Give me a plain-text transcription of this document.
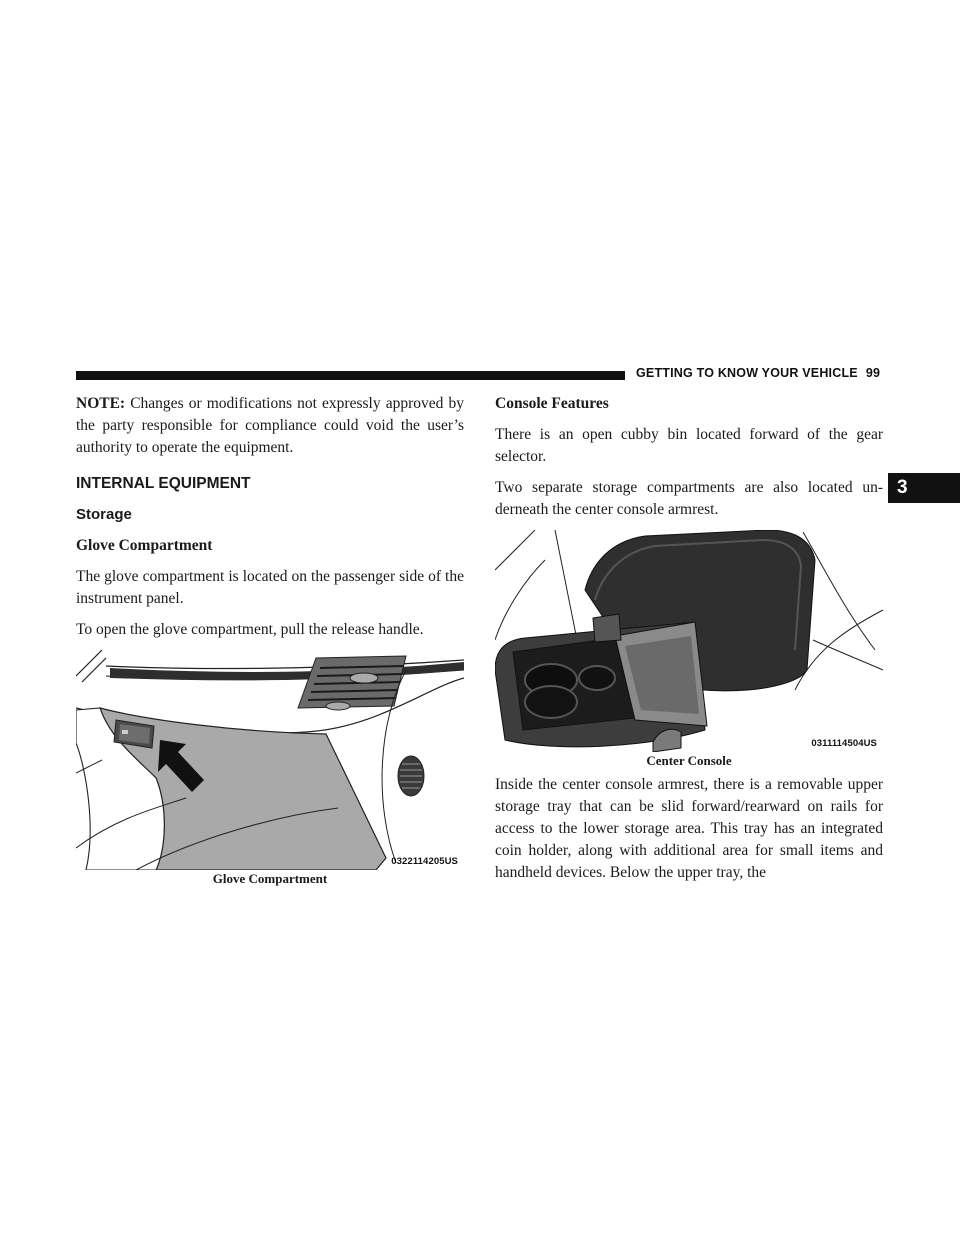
GETTING TO KNOW YOUR VEHICLE 99
3

NOTE: Changes or modifications not expressly approved by the party responsible for compliance could void the user’s authority to operate the equipment.

INTERNAL EQUIPMENT
Storage
Glove Compartment

The glove compartment is located on the passenger side of the instrument panel.

To open the glove compartment, pull the release handle.

0322114205US

Glove Compartment

Console Features

There is an open cubby bin located forward of the gear selector.

Two separate storage compartments are also located un- derneath the center console armrest.

0311114504US

Center Console

Inside the center console armrest, there is a removable upper storage tray that can be slid forward/rearward on rails for access to the lower storage area. This tray has an integrated coin holder, along with additional area for small items and handheld devices. Below the upper tray, the
